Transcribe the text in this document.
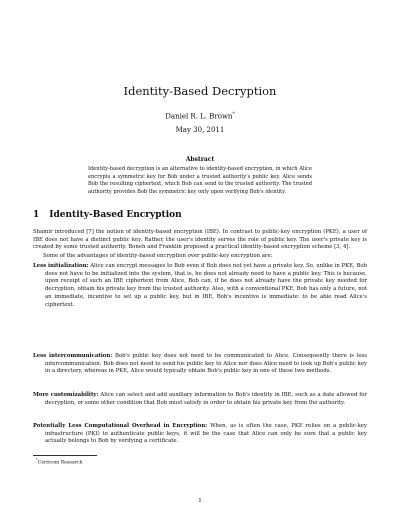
Identity-Based Decryption
Daniel R. L. Brown*
May 30, 2011
Abstract
Identity-based decryption is an alternative to identity-based encryption, in which Alice encrypts a symmetric key for Bob under a trusted authority's public key. Alice sends Bob the resulting ciphertext, which Bob can send to the trusted authority. The trusted authority provides Bob the symmetric key only upon verifying Bob's identity.
1 Identity-Based Encryption
Shamir introduced [7] the notion of identity-based encryption (IBE). In contrast to public-key encryption (PKE), a user of IBE does not have a distinct public key. Rather, the user's identity serves the role of public key. The user's private key is created by some trusted authority. Boneh and Franklin proposed a practical identity-based encryption scheme [3, 4].
Some of the advantages of identity-based encryption over public-key encryption are:
Less initialization: Alice can encrypt messages to Bob even if Bob does not yet have a private key. So, unlike in PKE, Bob does not have to be initialized into the system, that is, he does not already need to have a public key. This is because, upon receipt of such an IBE ciphertext from Alice, Bob can, if he does not already have the private key needed for decryption, obtain his private key from the trusted authority. Also, with a conventional PKE, Bob has only a future, not an immediate, incentive to set up a public key, but in IBE, Bob's incentive is immediate: to be able read Alice's ciphertext.
Less intercommunication: Bob's public key does not need to be communicated to Alice. Consequently there is less intercommunication: Bob does not need to send his public key to Alice nor does Alice need to look up Bob's public key in a directory, whereas in PKE, Alice would typically obtain Bob's public key in one of these two methods.
More customizability: Alice can select and add auxiliary information to Bob's identity in IBE, such as a date allowed for decryption, or some other condition that Bob must satisfy in order to obtain his private key from the authority.
Potentially Less Computational Overhead in Encryption: When, as is often the case, PKE relies on a public-key infrastructure (PKI) to authenticate public keys, it will be the case that Alice can only be sure that a public key actually belongs to Bob by verifying a certificate.
*Certicom Research
1
